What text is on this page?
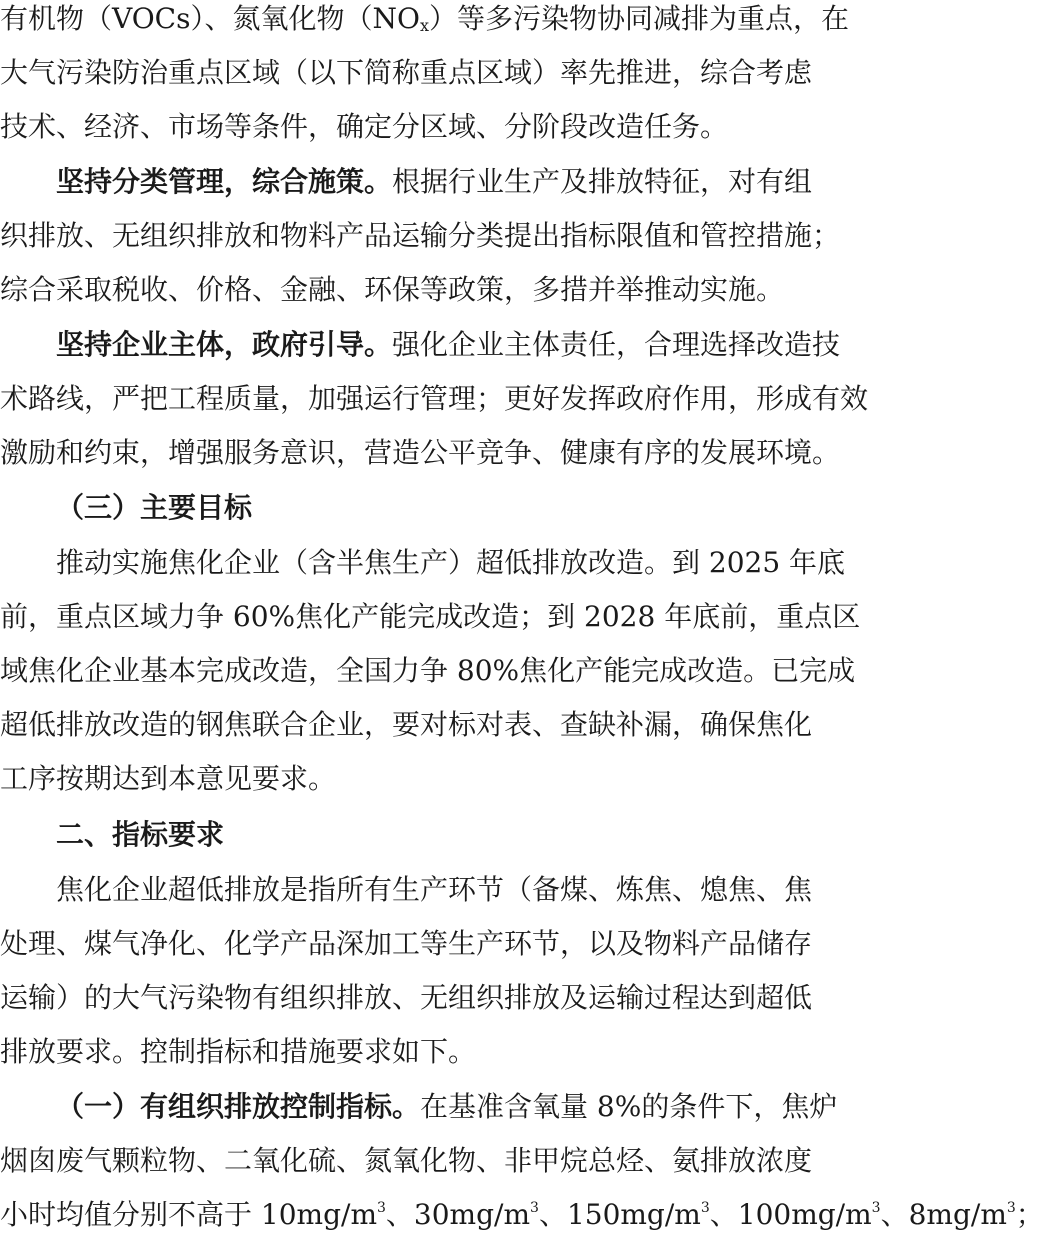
有机物（VOCs）、氮氧化物$(NO_x)$等多污染物协同减排为重点，在
大气污染防治重点区域（以下简称重点区域）率先推进，综合考虑
技术、经济、市场等条件，确定分区域、分阶段改造任务。
坚持分类管理，综合施策。根据行业生产及排放特征，对有组
织排放、无组织排放和物料产品运输分类提出指标限值和管控措施；
综合采取税收、价格、金融、环保等政策，多措并举推动实施。
坚持企业主体，政府引导。强化企业主体责任，合理选择改造技
术路线，严把工程质量，加强运行管理；更好发挥政府作用，形成有效
激励和约束，增强服务意识，营造公平竞争、健康有序的发展环境。
（三）主要目标
推动实施焦化企业（含半焦生产）超低排放改造。到 2025 年底
前，重点区域力争 60%焦化产能完成改造；到 2028 年底前，重点区
域焦化企业基本完成改造，全国力争 80%焦化产能完成改造。已完成
超低排放改造的钢焦联合企业，要对标对表、查缺补漏，确保焦化
工序按期达到本意见要求。
二、指标要求
焦化企业超低排放是指所有生产环节（备煤、炼焦、熄焦、焦
处理、煤气净化、化学产品深加工等生产环节，以及物料产品储存
运输）的大气污染物有组织排放、无组织排放及运输过程达到超低
排放要求。控制指标和措施要求如下。
（一）有组织排放控制指标。在基准含氧量 8%的条件下，焦炉
烟囱废气颗粒物、二氧化硫、氮氧化物、非甲烷总烃、氨排放浓度
小时均值分别不高于 $10mg/m^3$、$30mg/m^3$、$150mg/m^3$、$100mg/m^3$、$8mg/m^3$；
